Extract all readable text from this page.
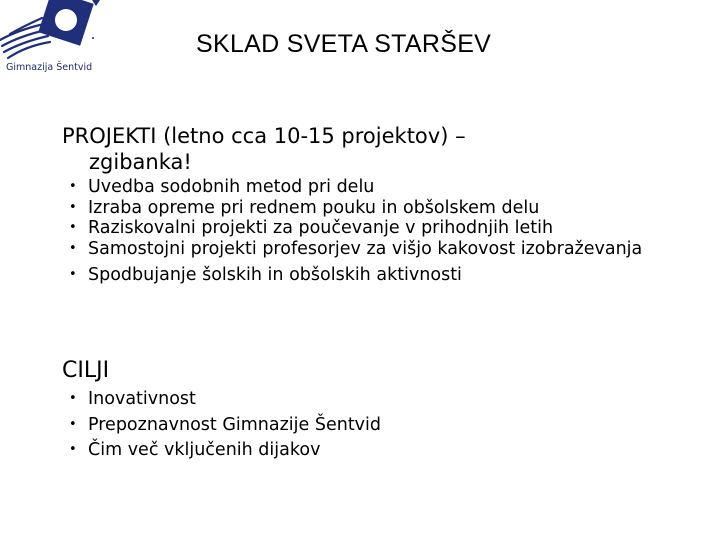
Gimnazija Šentvid
SKLAD SVETA STARŠEV
PROJEKTI (letno cca 10-15 projektov) –
zgibanka!
• Uvedba sodobnih metod pri delu
• Izraba opreme pri rednem pouku in obšolskem delu
• Raziskovalni projekti za poučevanje v prihodnjih letih
• Samostojni projekti profesorjev za višjo kakovost izobraževanja
• Spodbujanje šolskih in obšolskih aktivnosti
CILJI
• Inovativnost
• Prepoznavnost Gimnazije Šentvid
• Čim več vključenih dijakov
